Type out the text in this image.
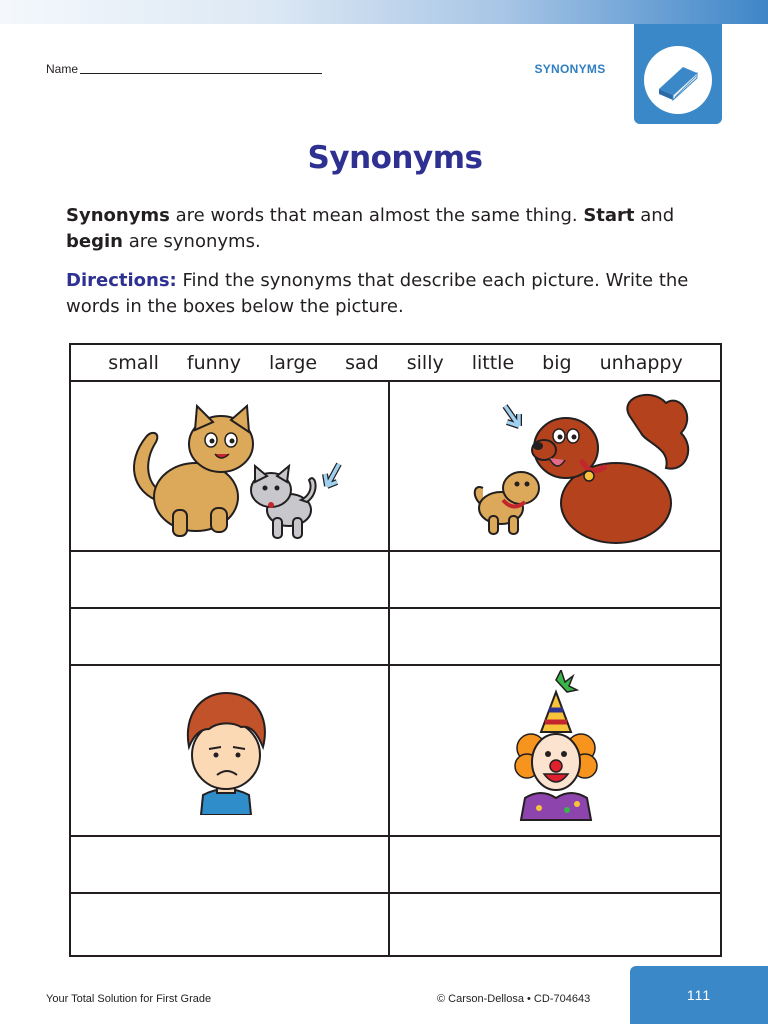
Name	SYNONYMS
Synonyms

Synonyms are words that mean almost the same thing. Start and begin are synonyms.

Directions: Find the synonyms that describe each picture. Write the words in the boxes below the picture.

small funny large sad silly little big unhappy
Your Total Solution for First Grade	© Carson-Dellosa • CD-704643	111
